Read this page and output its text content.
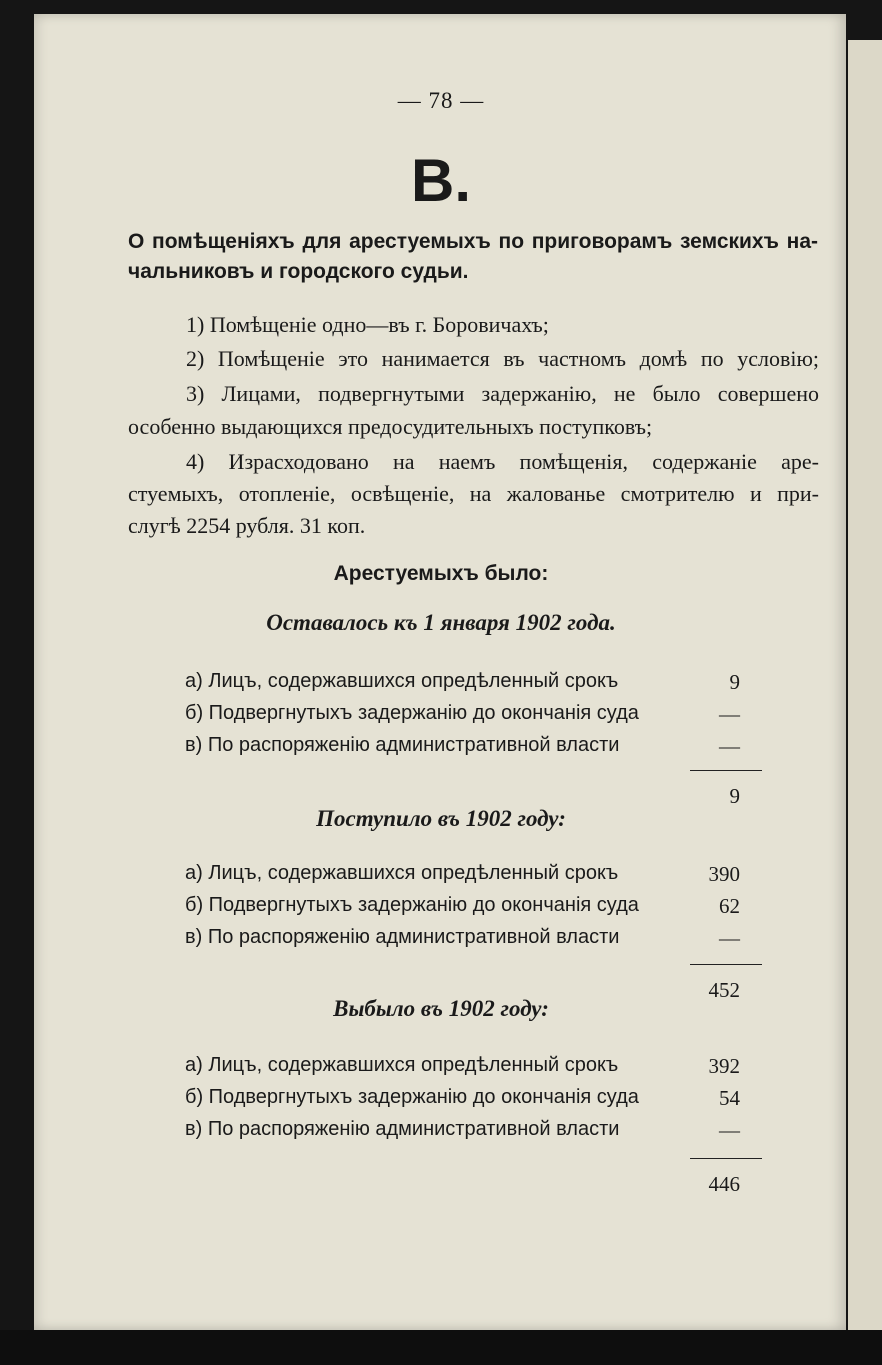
— 78 —
В.
О помѣщеніяхъ для арестуемыхъ по приговорамъ земскихъ на-
чальниковъ и городского судьи.
1) Помѣщеніе одно—въ г. Боровичахъ;
2) Помѣщеніе это нанимается въ частномъ домѣ по условію;
3) Лицами, подвергнутыми задержанію, не было совершено
особенно выдающихся предосудительныхъ поступковъ;
4) Израсходовано на наемъ помѣщенія, содержаніе аре-
стуемыхъ, отопленіе, освѣщеніе, на жалованье смотрителю и при-
слугѣ 2254 рубля. 31 коп.
Арестуемыхъ было:
Оставалось къ 1 января 1902 года.
а) Лицъ, содержавшихся опредѣленный срокъ	9
б) Подвергнутыхъ задержанію до окончанія суда	—
в) По распоряженію административной власти	—
9
Поступило въ 1902 году:
а) Лицъ, содержавшихся опредѣленный срокъ	390
б) Подвергнутыхъ задержанію до окончанія суда	62
в) По распоряженію административной власти	—
452
Выбыло въ 1902 году:
а) Лицъ, содержавшихся опредѣленный срокъ	392
б) Подвергнутыхъ задержанію до окончанія суда	54
в) По распоряженію административной власти	—
446
